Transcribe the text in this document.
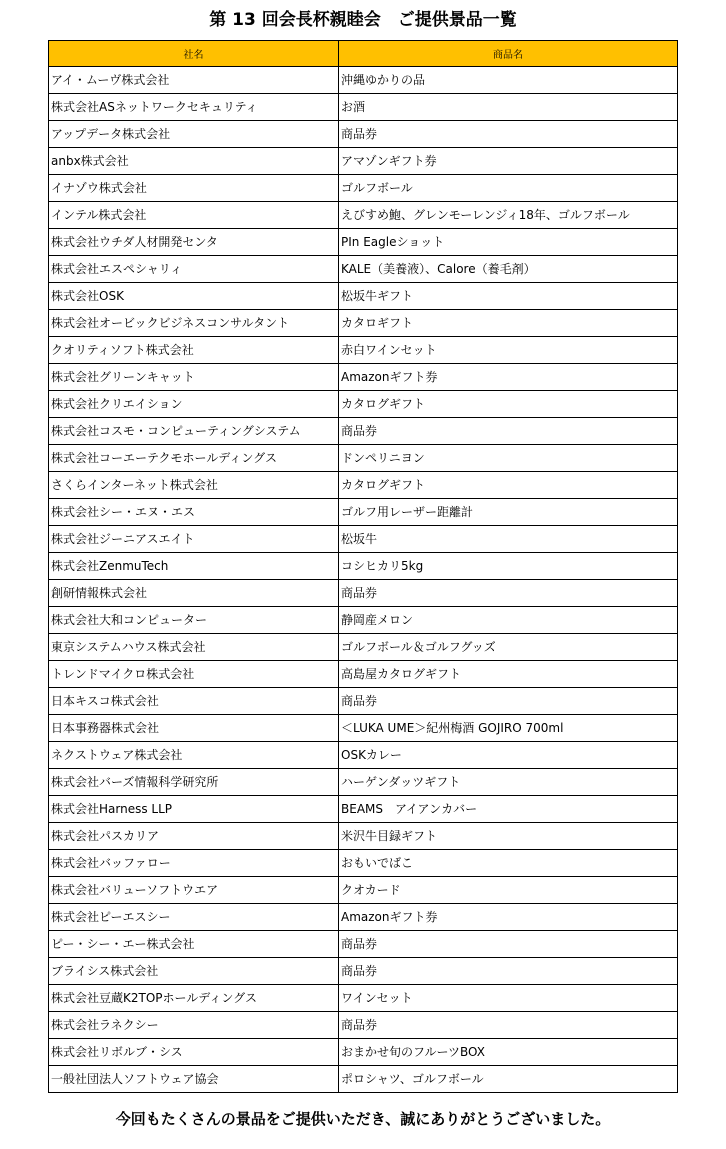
第 13 回会長杯親睦会　ご提供景品一覧
社名	商品名
アイ・ムーヴ株式会社	沖縄ゆかりの品
株式会社ASネットワークセキュリティ	お酒
アップデータ株式会社	商品券
anbx株式会社	アマゾンギフト券
イナゾウ株式会社	ゴルフボール
インテル株式会社	えびすめ鮑、グレンモーレンジィ18年、ゴルフボール
株式会社ウチダ人材開発センタ	PIn Eagleショット
株式会社エスペシャリィ	KALE（美養液）、Calore（養毛剤）
株式会社OSK	松坂牛ギフト
株式会社オービックビジネスコンサルタント	カタロギフト
クオリティソフト株式会社	赤白ワインセット
株式会社グリーンキャット	Amazonギフト券
株式会社クリエイション	カタログギフト
株式会社コスモ・コンピューティングシステム	商品券
株式会社コーエーテクモホールディングス	ドンペリニヨン
さくらインターネット株式会社	カタログギフト
株式会社シー・エヌ・エス	ゴルフ用レーザー距離計
株式会社ジーニアスエイト	松坂牛
株式会社ZenmuTech	コシヒカリ5kg
創研情報株式会社	商品券
株式会社大和コンピューター	静岡産メロン
東京システムハウス株式会社	ゴルフボール＆ゴルフグッズ
トレンドマイクロ株式会社	高島屋カタログギフト
日本キスコ株式会社	商品券
日本事務器株式会社	＜LUKA UME＞紀州梅酒 GOJIRO 700ml
ネクストウェア株式会社	OSKカレー
株式会社バーズ情報科学研究所	ハーゲンダッツギフト
株式会社Harness LLP	BEAMS　アイアンカバー
株式会社パスカリア	米沢牛目録ギフト
株式会社バッファロー	おもいでばこ
株式会社バリューソフトウエア	クオカード
株式会社ピーエスシー	Amazonギフト券
ピー・シー・エー株式会社	商品券
ブライシス株式会社	商品券
株式会社豆蔵K2TOPホールディングス	ワインセット
株式会社ラネクシー	商品券
株式会社リボルブ・シス	おまかせ旬のフルーツBOX
一般社団法人ソフトウェア協会	ポロシャツ、ゴルフボール
今回もたくさんの景品をご提供いただき、誠にありがとうございました。
